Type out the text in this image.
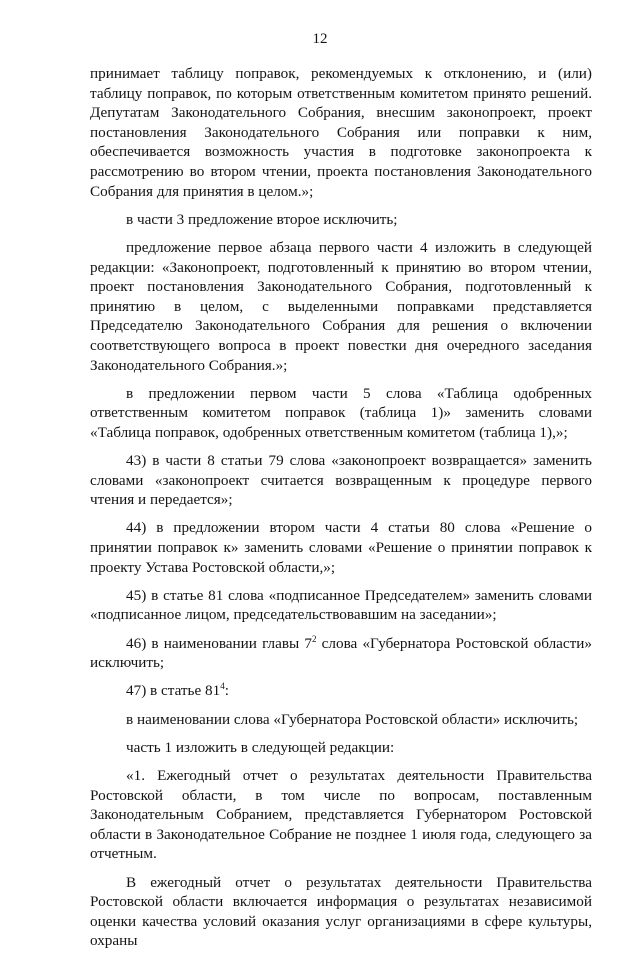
12

принимает таблицу поправок, рекомендуемых к отклонению, и (или) таблицу поправок, по которым ответственным комитетом принято решений. Депутатам Законодательного Собрания, внесшим законопроект, проект постановления Законодательного Собрания или поправки к ним, обеспечивается возможность участия в подготовке законопроекта к рассмотрению во втором чтении, проекта постановления Законодательного Собрания для принятия в целом.»;

в части 3 предложение второе исключить;

предложение первое абзаца первого части 4 изложить в следующей редакции: «Законопроект, подготовленный к принятию во втором чтении, проект постановления Законодательного Собрания, подготовленный к принятию в целом, с выделенными поправками представляется Председателю Законодательного Собрания для решения о включении соответствующего вопроса в проект повестки дня очередного заседания Законодательного Собрания.»;

в предложении первом части 5 слова «Таблица одобренных ответственным комитетом поправок (таблица 1)» заменить словами «Таблица поправок, одобренных ответственным комитетом (таблица 1),»;

43) в части 8 статьи 79 слова «законопроект возвращается» заменить словами «законопроект считается возвращенным к процедуре первого чтения и передается»;

44) в предложении втором части 4 статьи 80 слова «Решение о принятии поправок к» заменить словами «Решение о принятии поправок к проекту Устава Ростовской области,»;

45) в статье 81 слова «подписанное Председателем» заменить словами «подписанное лицом, председательствовавшим на заседании»;

46) в наименовании главы $7^2$ слова «Губернатора Ростовской области» исключить;

47) в статье $81^4$:

в наименовании слова «Губернатора Ростовской области» исключить;

часть 1 изложить в следующей редакции:

«1. Ежегодный отчет о результатах деятельности Правительства Ростовской области, в том числе по вопросам, поставленным Законодательным Собранием, представляется Губернатором Ростовской области в Законодательное Собрание не позднее 1 июля года, следующего за отчетным.

В ежегодный отчет о результатах деятельности Правительства Ростовской области включается информация о результатах независимой оценки качества условий оказания услуг организациями в сфере культуры, охраны
